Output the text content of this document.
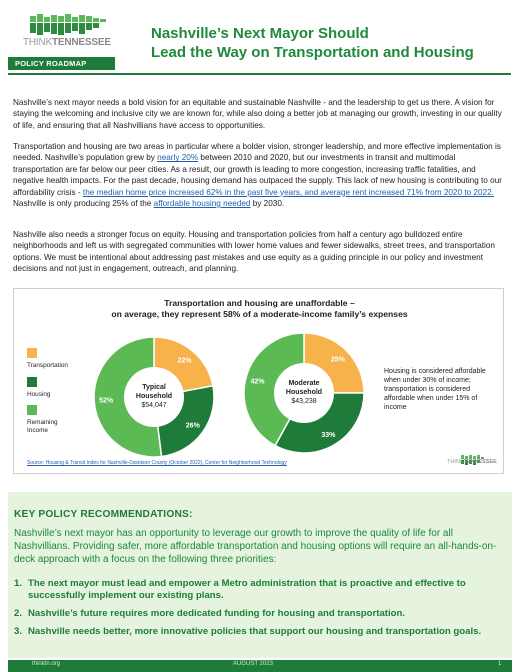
THINKTENNESSEE
POLICY ROADMAP
Nashville’s Next Mayor Should
Lead the Way on Transportation and Housing

Nashville’s next mayor needs a bold vision for an equitable and sustainable Nashville - and the leadership to get us there. A vision for staying the welcoming and inclusive city we are known for, while also doing a better job at managing our growth, investing in our quality of life, and ensuring that all Nashvillians have access to opportunities.

Transportation and housing are two areas in particular where a bolder vision, stronger leadership, and more effective implementation is needed. Nashville’s population grew by nearly 20% between 2010 and 2020, but our investments in transit and multimodal transportation are far below our peer cities. As a result, our growth is leading to more congestion, increasing traffic fatalities, and negative health impacts. For the past decade, housing demand has outpaced the supply. This lack of new housing is contributing to our affordability crisis - the median home price increased 62% in the past five years, and average rent increased 71% from 2020 to 2022. Nashville is only producing 25% of the affordable housing needed by 2030.

Nashville also needs a stronger focus on equity. Housing and transportation policies from half a century ago bulldozed entire neighborhoods and left us with segregated communities with lower home values and fewer sidewalks, street trees, and transportation options. We must be intentional about addressing past mistakes and use equity as a guiding principle in our policy and investment decisions and not just in engagement, outreach, and planning.

Transportation and housing are unaffordable –
on average, they represent 58% of a moderate-income family’s expenses
Transportation
Housing
Remaining
Income
22%
26%
52%
Typical
Household
$54,047
25%
33%
42%	Moderate
Household
$43,238
Housing is considered affordable when under 30% of income; transportation is considered affordable when under 15% of income
Source: Housing & Transit Index for Nashville-Davidson County (October 2022), Center for Neighborhood Technology	THINKTENNESSEE
KEY POLICY RECOMMENDATIONS:

Nashville’s next mayor has an opportunity to leverage our growth to improve the quality of life for all Nashvillians. Providing safer, more affordable transportation and housing options will require an all-hands-on-deck approach with a focus on the following three priorities:

1. The next mayor must lead and empower a Metro administration that is proactive and effective to successfully implement our existing plans.
2. Nashville’s future requires more dedicated funding for housing and transportation.
3. Nashville needs better, more innovative policies that support our housing and transportation goals.
thinktn.org	AUGUST 2023	1
